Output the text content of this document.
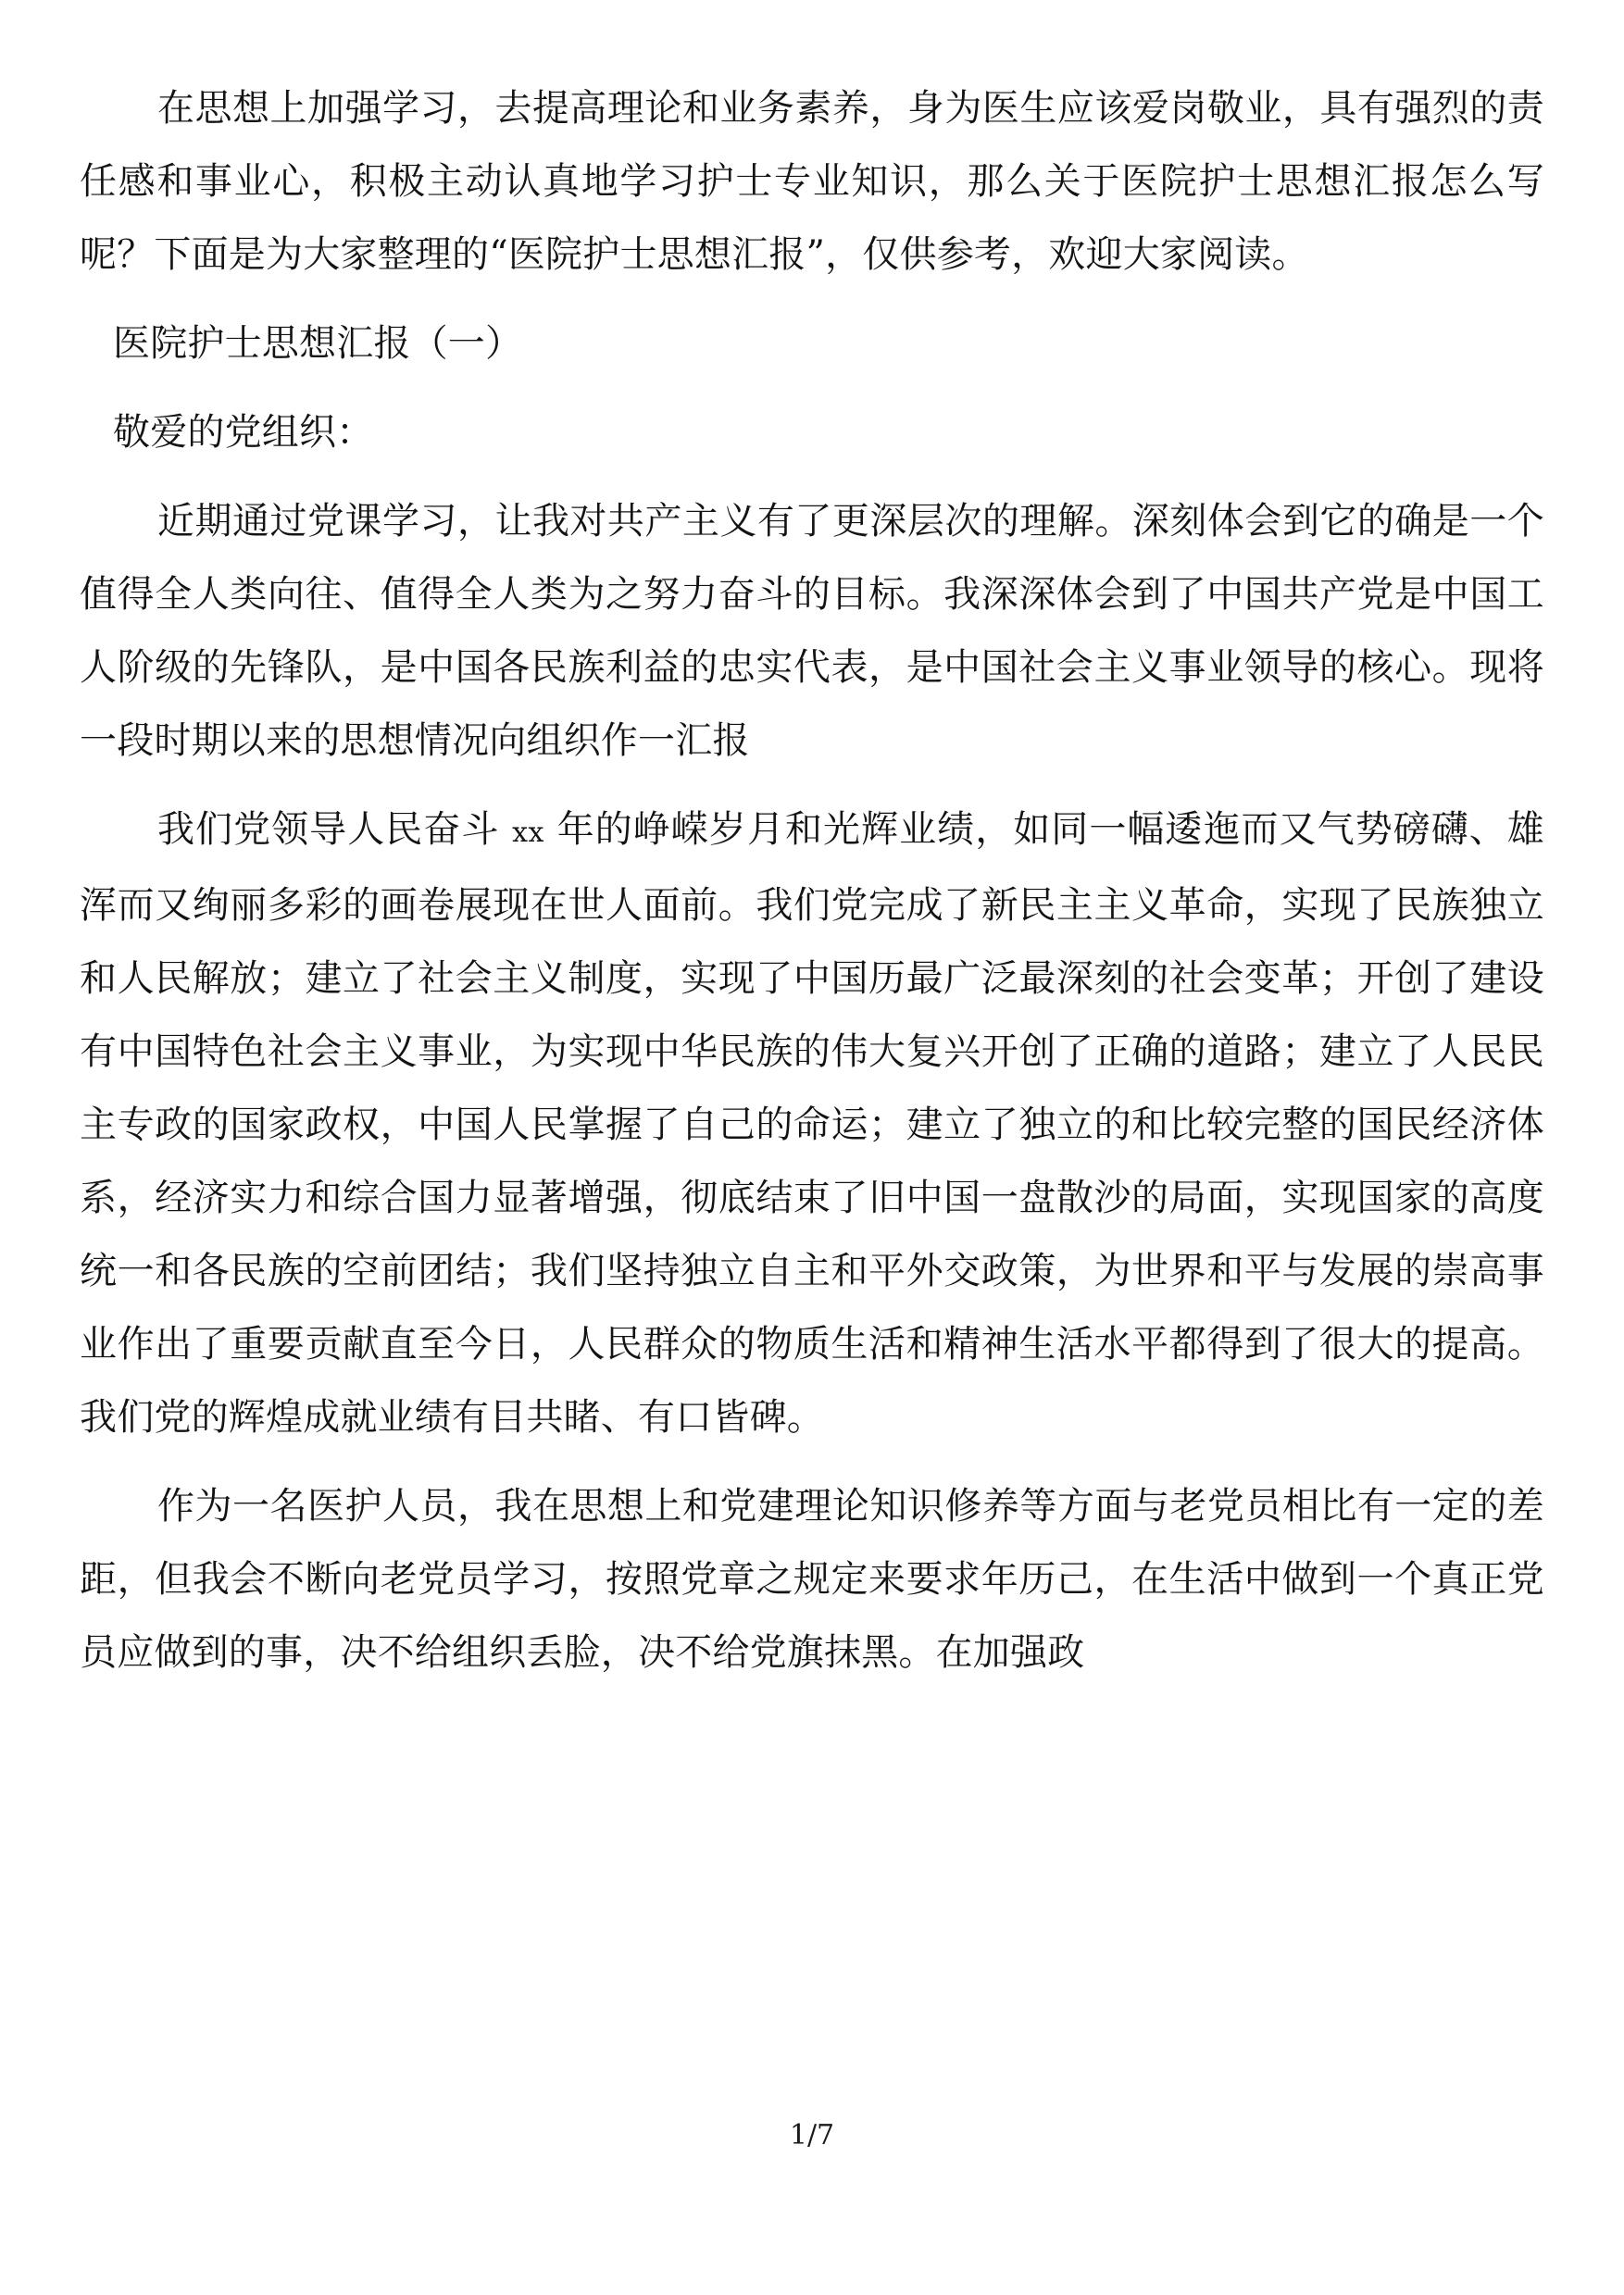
在思想上加强学习，去提高理论和业务素养，身为医生应该爱岗敬业，具有强烈的责任感和事业心，积极主动认真地学习护士专业知识，那么关于医院护士思想汇报怎么写呢？下面是为大家整理的“医院护士思想汇报”，仅供参考，欢迎大家阅读。

医院护士思想汇报（一）

敬爱的党组织：

近期通过党课学习，让我对共产主义有了更深层次的理解。深刻体会到它的确是一个值得全人类向往、值得全人类为之努力奋斗的目标。我深深体会到了中国共产党是中国工人阶级的先锋队，是中国各民族利益的忠实代表，是中国社会主义事业领导的核心。现将一段时期以来的思想情况向组织作一汇报

我们党领导人民奋斗 xx 年的峥嵘岁月和光辉业绩，如同一幅逶迤而又气势磅礴、雄浑而又绚丽多彩的画卷展现在世人面前。我们党完成了新民主主义革命，实现了民族独立和人民解放；建立了社会主义制度，实现了中国历最广泛最深刻的社会变革；开创了建设有中国特色社会主义事业，为实现中华民族的伟大复兴开创了正确的道路；建立了人民民主专政的国家政权，中国人民掌握了自己的命运；建立了独立的和比较完整的国民经济体系，经济实力和综合国力显著增强，彻底结束了旧中国一盘散沙的局面，实现国家的高度统一和各民族的空前团结；我们坚持独立自主和平外交政策，为世界和平与发展的崇高事业作出了重要贡献直至今日，人民群众的物质生活和精神生活水平都得到了很大的提高。我们党的辉煌成就业绩有目共睹、有口皆碑。

作为一名医护人员，我在思想上和党建理论知识修养等方面与老党员相比有一定的差距，但我会不断向老党员学习，按照党章之规定来要求年历己，在生活中做到一个真正党员应做到的事，决不给组织丢脸，决不给党旗抹黑。在加强政

1/7
